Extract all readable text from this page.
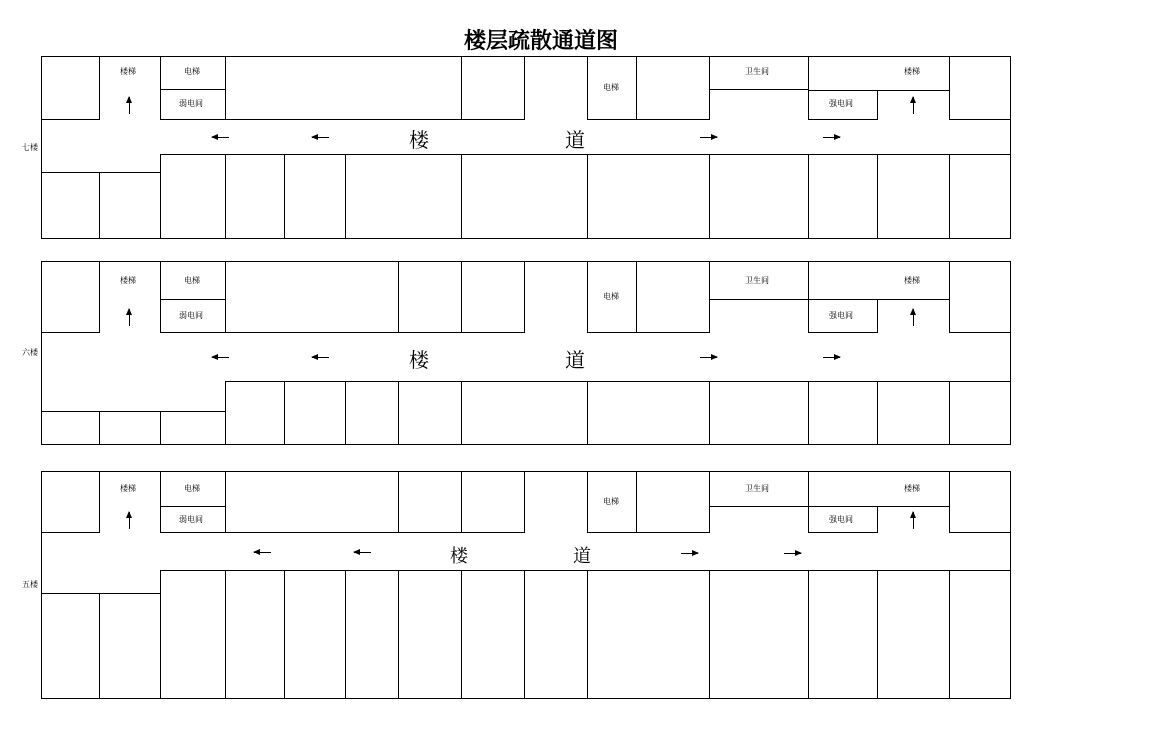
楼层疏散通道图
七楼
楼梯	电梯
弱电间
电梯
卫生间	楼梯
强电间
楼	道
六楼
楼梯	电梯
弱电间
电梯
卫生间	楼梯
强电间
楼	道
五楼
楼梯	电梯
弱电间
电梯
卫生间	楼梯
强电间
楼	道
